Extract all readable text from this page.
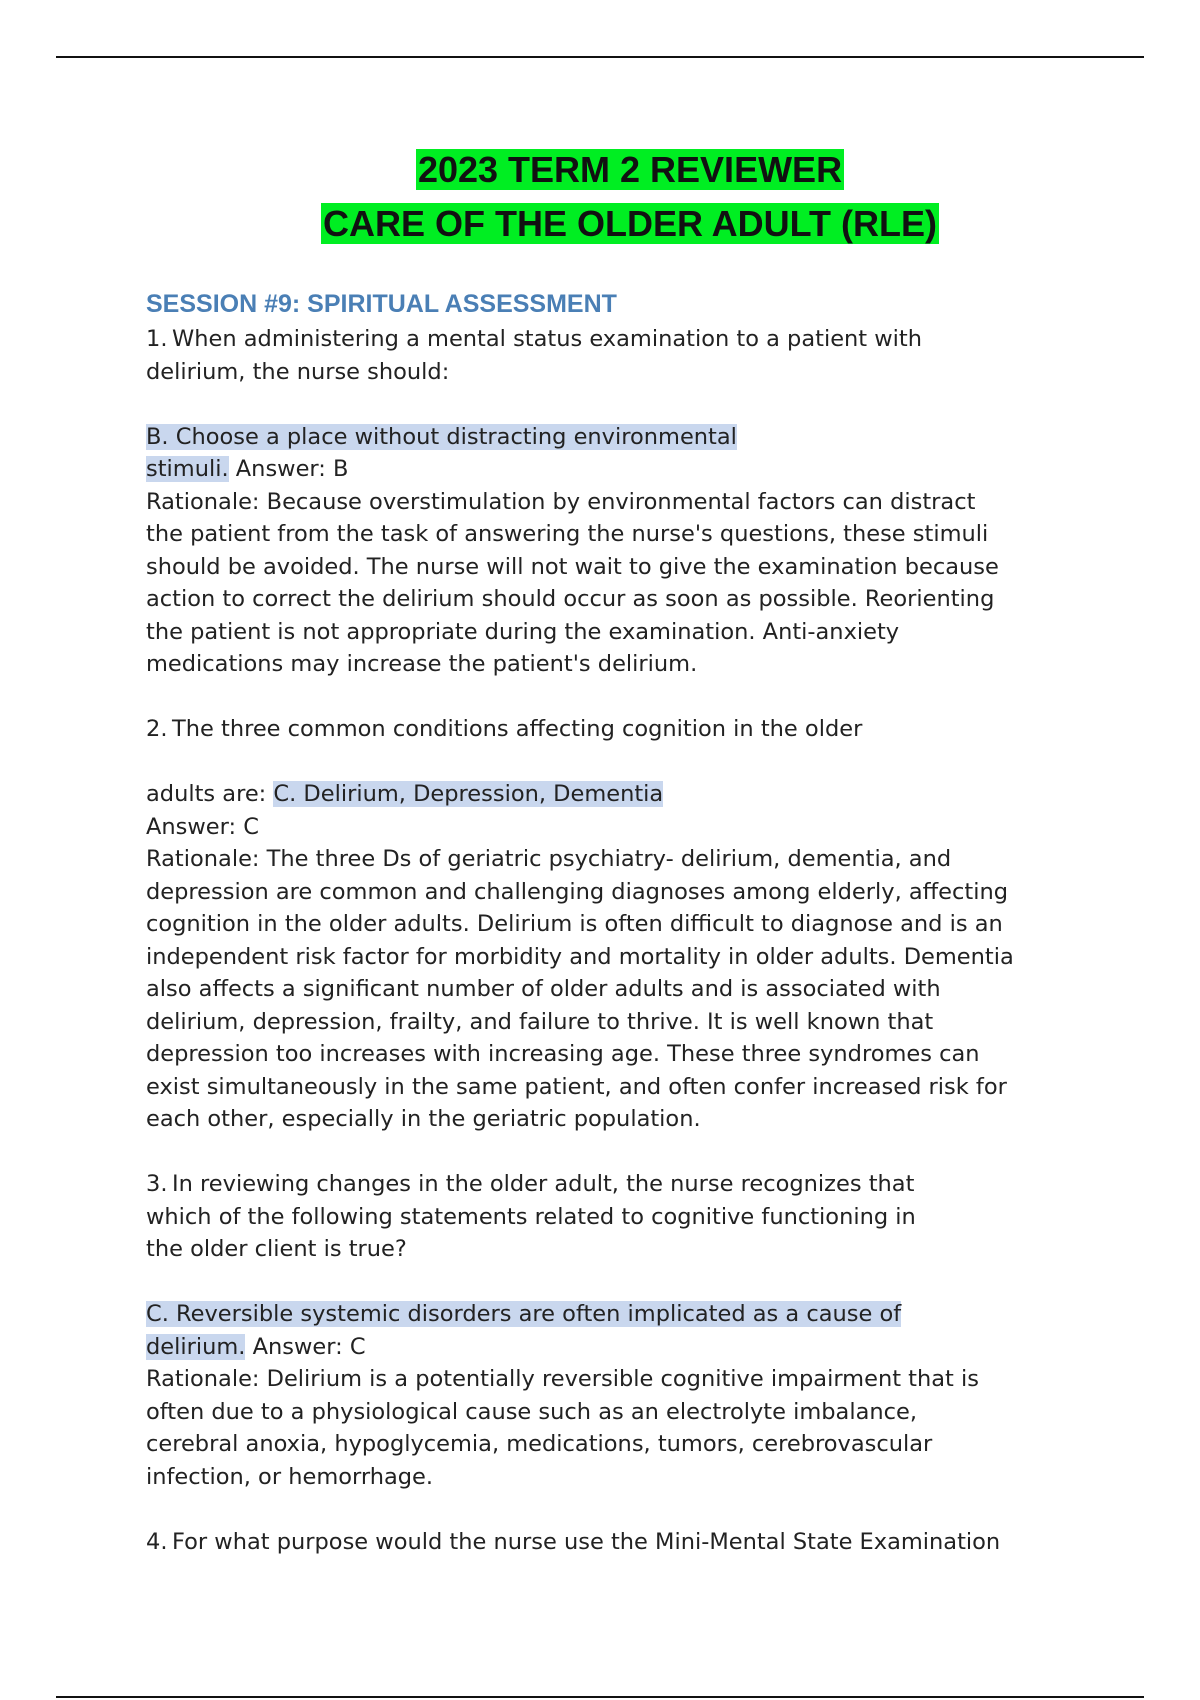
2023 TERM 2 REVIEWER
CARE OF THE OLDER ADULT (RLE)
SESSION #9: SPIRITUAL ASSESSMENT

1. When administering a mental status examination to a patient with

delirium, the nurse should:

B. Choose a place without distracting environmental

stimuli. Answer: B

Rationale: Because overstimulation by environmental factors can distract

the patient from the task of answering the nurse's questions, these stimuli

should be avoided. The nurse will not wait to give the examination because

action to correct the delirium should occur as soon as possible. Reorienting

the patient is not appropriate during the examination. Anti-anxiety

medications may increase the patient's delirium.

2. The three common conditions affecting cognition in the older

adults are: C. Delirium, Depression, Dementia

Answer: C

Rationale: The three Ds of geriatric psychiatry- delirium, dementia, and

depression are common and challenging diagnoses among elderly, affecting

cognition in the older adults. Delirium is often difficult to diagnose and is an

independent risk factor for morbidity and mortality in older adults. Dementia

also affects a significant number of older adults and is associated with

delirium, depression, frailty, and failure to thrive. It is well known that

depression too increases with increasing age. These three syndromes can

exist simultaneously in the same patient, and often confer increased risk for

each other, especially in the geriatric population.

3. In reviewing changes in the older adult, the nurse recognizes that

which of the following statements related to cognitive functioning in

the older client is true?

C. Reversible systemic disorders are often implicated as a cause of

delirium. Answer: C

Rationale: Delirium is a potentially reversible cognitive impairment that is

often due to a physiological cause such as an electrolyte imbalance,

cerebral anoxia, hypoglycemia, medications, tumors, cerebrovascular

infection, or hemorrhage.

4. For what purpose would the nurse use the Mini-Mental State Examination
